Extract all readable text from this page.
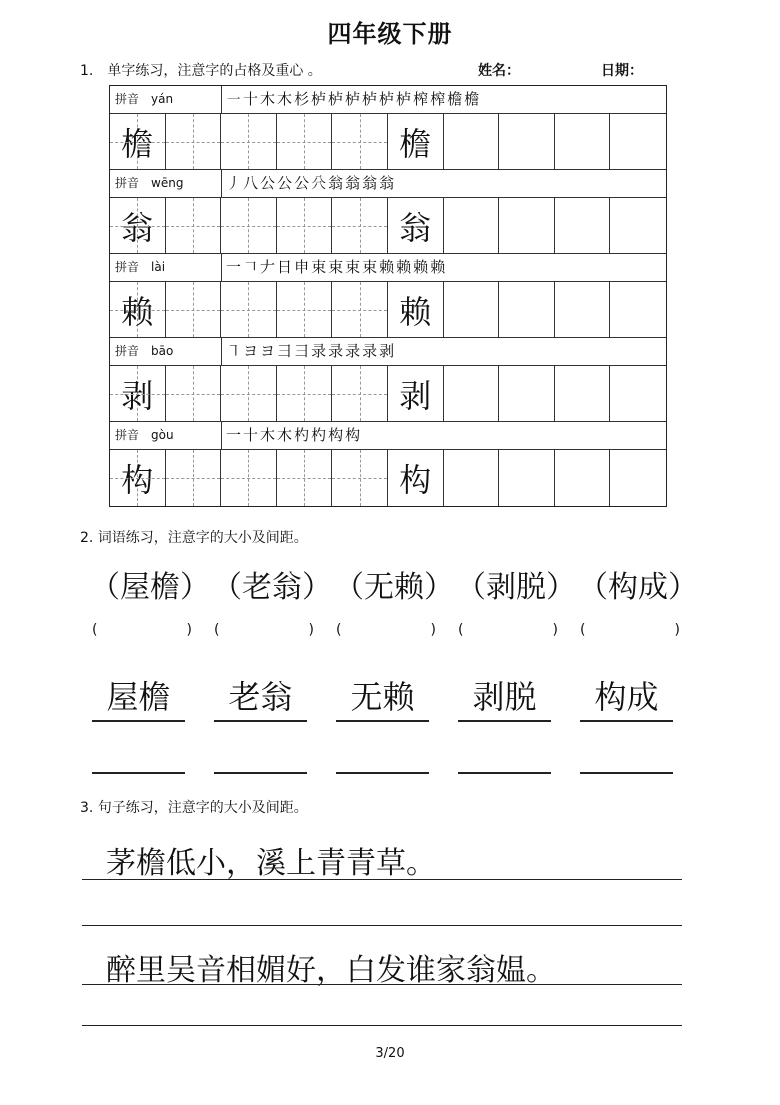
四年级下册
1.　单字练习，注意字的占格及重心 。	姓名：	日期：
拼音 yán	㇐ 十 木 木 杉 栌 栌 栌 栌 栌 栌 榨 榨 檐 檐
檐	檐
拼音 wēng	丿 八 公 公 公 𠔁 翁 翁 翁 翁
翁	翁
拼音 lài	一 𠃍 𠂇 日 申 束 束 束 束 赖 赖 赖 赖
赖	赖
拼音 bāo	㇕ ヨ ヨ 彐 彐 录 录 录 录 剥
剥	剥
拼音 gòu	一 十 木 木 杓 杓 构 构
构	构
2. 词语练习，注意字的大小及间距。
（屋檐） （老翁） （无赖） （剥脱） （构成）
(	) (	) (	) (	) (	)
屋檐	老翁	无赖	剥脱	构成
3. 句子练习，注意字的大小及间距。
茅檐低小，溪上青青草。
醉里吴音相媚好，白发谁家翁媪。
3/20
